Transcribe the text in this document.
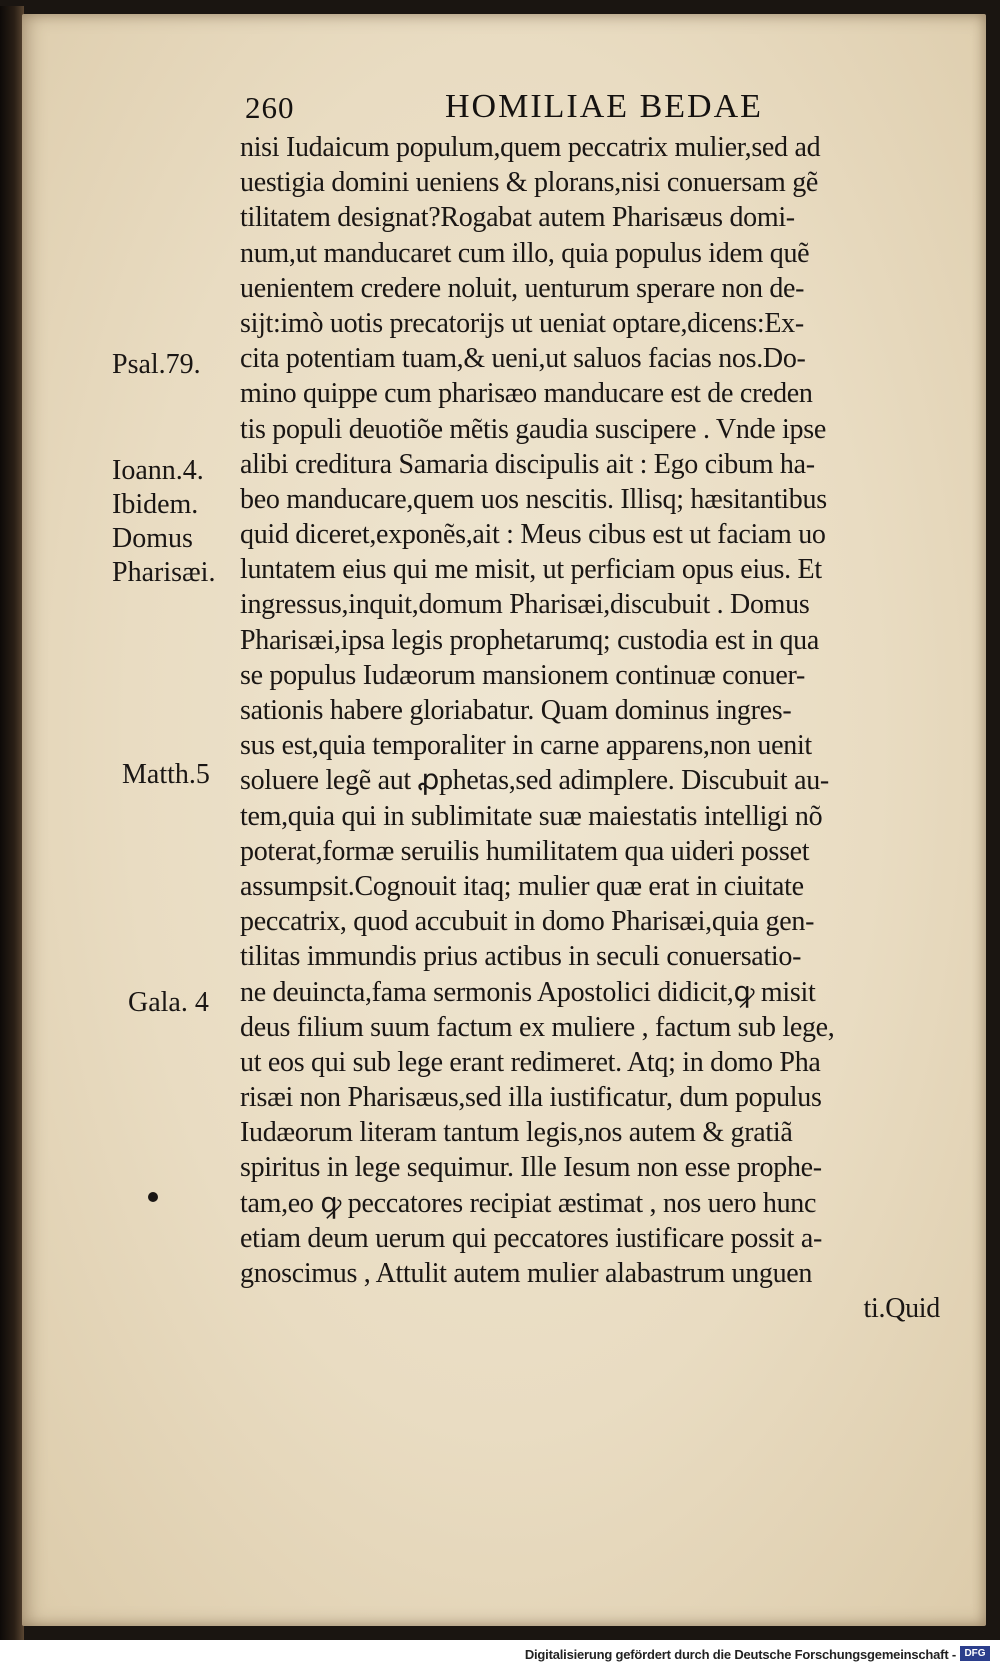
260	HOMILIAE BEDAE
Psal.79.
Ioann.4.
Ibidem.
Domus
Pharisæi.
Matth.5
Gala. 4
nisi Iudaicum populum,quem peccatrix mulier,sed ad
uestigia domini ueniens & plorans,nisi conuersam gẽ
tilitatem designat?Rogabat autem Pharisæus domi-
num,ut manducaret cum illo, quia populus idem quẽ
uenientem credere noluit, uenturum sperare non de-
sijt:imò uotis precatorijs ut ueniat optare,dicens:Ex-
cita potentiam tuam,& ueni,ut saluos facias nos.Do-
mino quippe cum pharisæo manducare est de creden
tis populi deuotiõe mẽtis gaudia suscipere . Vnde ipse
alibi creditura Samaria discipulis ait : Ego cibum ha-
beo manducare,quem uos nescitis. Illisq; hæsitantibus
quid diceret,exponẽs,ait : Meus cibus est ut faciam uo
luntatem eius qui me misit, ut perficiam opus eius. Et
ingressus,inquit,domum Pharisæi,discubuit . Domus
Pharisæi,ipsa legis prophetarumq; custodia est in qua
se populus Iudæorum mansionem continuæ conuer-
sationis habere gloriabatur. Quam dominus ingres-
sus est,quia temporaliter in carne apparens,non uenit
soluere legẽ aut ꝓphetas,sed adimplere. Discubuit au-
tem,quia qui in sublimitate suæ maiestatis intelligi nõ
poterat,formæ seruilis humilitatem qua uideri posset
assumpsit.Cognouit itaq; mulier quæ erat in ciuitate
peccatrix, quod accubuit in domo Pharisæi,quia gen-
tilitas immundis prius actibus in seculi conuersatio-
ne deuincta,fama sermonis Apostolici didicit,ꝙ misit
deus filium suum factum ex muliere , factum sub lege,
ut eos qui sub lege erant redimeret. Atq; in domo Pha
risæi non Pharisæus,sed illa iustificatur, dum populus
Iudæorum literam tantum legis,nos autem & gratiã
spiritus in lege sequimur. Ille Iesum non esse prophe-
tam,eo ꝙ peccatores recipiat æstimat , nos uero hunc
etiam deum uerum qui peccatores iustificare possit a-
gnoscimus , Attulit autem mulier alabastrum unguen
ti.Quid
Digitalisierung gefördert durch die Deutsche Forschungsgemeinschaft - DFG
